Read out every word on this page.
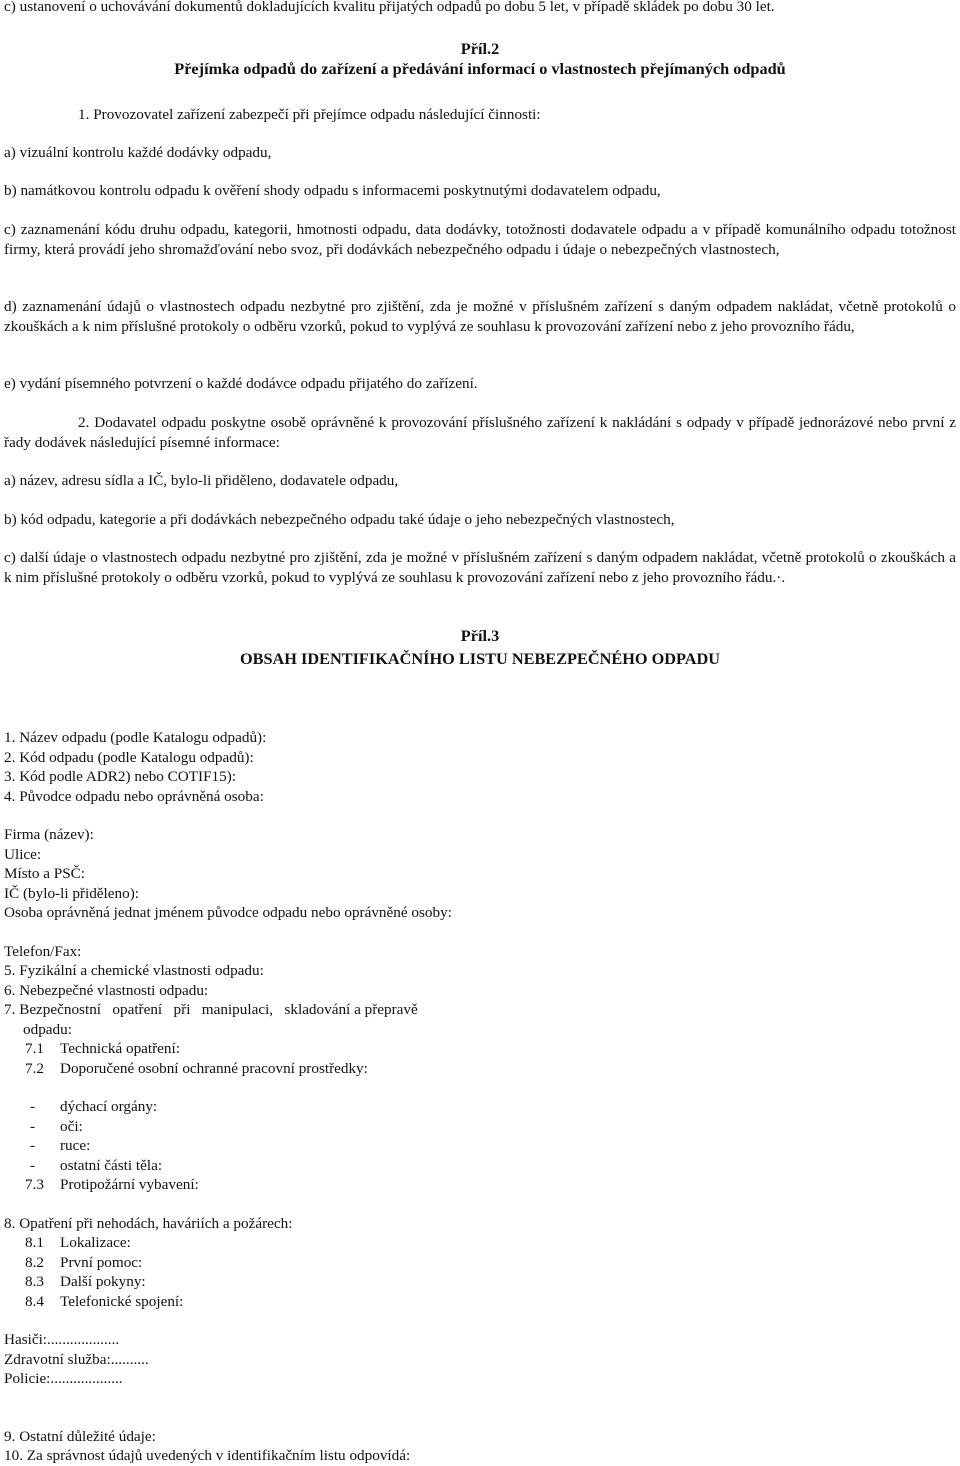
c) ustanovení o uchovávání dokumentů dokladujících kvalitu přijatých odpadů po dobu 5 let, v případě skládek po dobu 30 let.

Příl.2

Přejímka odpadů do zařízení a předávání informací o vlastnostech přejímaných odpadů

1. Provozovatel zařízení zabezpečí při přejímce odpadu následující činnosti:

a) vizuální kontrolu každé dodávky odpadu,

b) namátkovou kontrolu odpadu k ověření shody odpadu s informacemi poskytnutými dodavatelem odpadu,

c) zaznamenání kódu druhu odpadu, kategorii, hmotnosti odpadu, data dodávky, totožnosti dodavatele odpadu a v případě komunálního odpadu totožnost firmy, která provádí jeho shromažďování nebo svoz, při dodávkách nebezpečného odpadu i údaje o nebezpečných vlastnostech,

d) zaznamenání údajů o vlastnostech odpadu nezbytné pro zjištění, zda je možné v příslušném zařízení s daným odpadem nakládat, včetně protokolů o zkouškách a k nim příslušné protokoly o odběru vzorků, pokud to vyplývá ze souhlasu k provozování zařízení nebo z jeho provozního řádu,

e) vydání písemného potvrzení o každé dodávce odpadu přijatého do zařízení.

2. Dodavatel odpadu poskytne osobě oprávněné k provozování příslušného zařízení k nakládání s odpady v případě jednorázové nebo první z řady dodávek následující písemné informace:

a) název, adresu sídla a IČ, bylo-li přiděleno, dodavatele odpadu,

b) kód odpadu, kategorie a při dodávkách nebezpečného odpadu také údaje o jeho nebezpečných vlastnostech,

c) další údaje o vlastnostech odpadu nezbytné pro zjištění, zda je možné v příslušném zařízení s daným odpadem nakládat, včetně protokolů o zkouškách a k nim příslušné protokoly o odběru vzorků, pokud to vyplývá ze souhlasu k provozování zařízení nebo z jeho provozního řádu.·.

Příl.3

OBSAH IDENTIFIKAČNÍHO LISTU NEBEZPEČNÉHO ODPADU

1. Název odpadu (podle Katalogu odpadů):
2. Kód odpadu (podle Katalogu odpadů):
3. Kód podle ADR2) nebo COTIF15):
4. Původce odpadu nebo oprávněná osoba:
Firma (název):
Ulice:
Místo a PSČ:
IČ (bylo-li přiděleno):
Osoba oprávněná jednat jménem původce odpadu nebo oprávněné osoby:
Telefon/Fax:
5. Fyzikální a chemické vlastnosti odpadu:
6. Nebezpečné vlastnosti odpadu:
7. Bezpečnostní   opatření   při   manipulaci,   skladování a přepravě
odpadu:
7.1 Technická opatření:
7.2 Doporučené osobní ochranné pracovní prostředky:
- dýchací orgány:
- oči:
- ruce:
- ostatní části těla:
7.3 Protipožární vybavení:
8. Opatření při nehodách, haváriích a požárech:
8.1 Lokalizace:
8.2 První pomoc:
8.3 Další pokyny:
8.4 Telefonické spojení:
Hasiči:...................
Zdravotní služba:..........
Policie:...................
9. Ostatní důležité údaje:
10. Za správnost údajů uvedených v identifikačním listu odpovídá:
